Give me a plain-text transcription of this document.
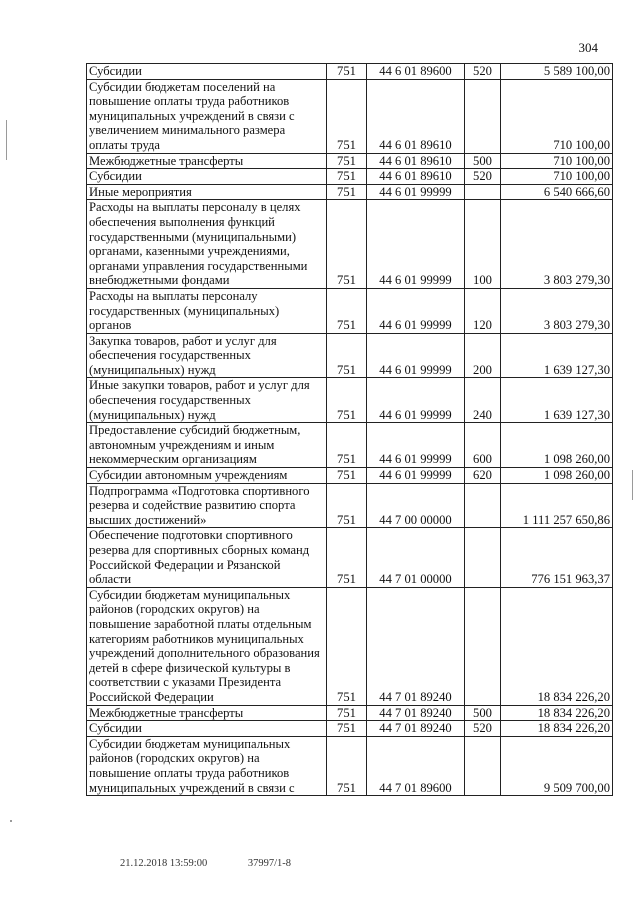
304
Субсидии	751	44 6 01 89600	520	5 589 100,00
Субсидии бюджетам поселений на повышение оплаты труда работников муниципальных учреждений в связи с увеличением минимального размера оплаты труда	751	44 6 01 89610		710 100,00
Межбюджетные трансферты	751	44 6 01 89610	500	710 100,00
Субсидии	751	44 6 01 89610	520	710 100,00
Иные мероприятия	751	44 6 01 99999		6 540 666,60
Расходы на выплаты персоналу в целях обеспечения выполнения функций государственными (муниципальными) органами, казенными учреждениями, органами управления государственными внебюджетными фондами	751	44 6 01 99999	100	3 803 279,30
Расходы на выплаты персоналу государственных (муниципальных) органов	751	44 6 01 99999	120	3 803 279,30
Закупка товаров, работ и услуг для обеспечения государственных (муниципальных) нужд	751	44 6 01 99999	200	1 639 127,30
Иные закупки товаров, работ и услуг для обеспечения государственных (муниципальных) нужд	751	44 6 01 99999	240	1 639 127,30
Предоставление субсидий бюджетным, автономным учреждениям и иным некоммерческим организациям	751	44 6 01 99999	600	1 098 260,00
Субсидии автономным учреждениям	751	44 6 01 99999	620	1 098 260,00
Подпрограмма «Подготовка спортивного резерва и содействие развитию спорта высших достижений»	751	44 7 00 00000		1 111 257 650,86
Обеспечение подготовки спортивного резерва для спортивных сборных команд Российской Федерации и Рязанской области	751	44 7 01 00000		776 151 963,37
Субсидии бюджетам муниципальных районов (городских округов) на повышение заработной платы отдельным категориям работников муниципальных учреждений дополнительного образования детей в сфере физической культуры в соответствии с указами Президента Российской Федерации	751	44 7 01 89240		18 834 226,20
Межбюджетные трансферты	751	44 7 01 89240	500	18 834 226,20
Субсидии	751	44 7 01 89240	520	18 834 226,20
Субсидии бюджетам муниципальных районов (городских округов) на повышение оплаты труда работников муниципальных учреждений в связи с	751	44 7 01 89600		9 509 700,00
21.12.2018 13:59:00	37997/1-8
